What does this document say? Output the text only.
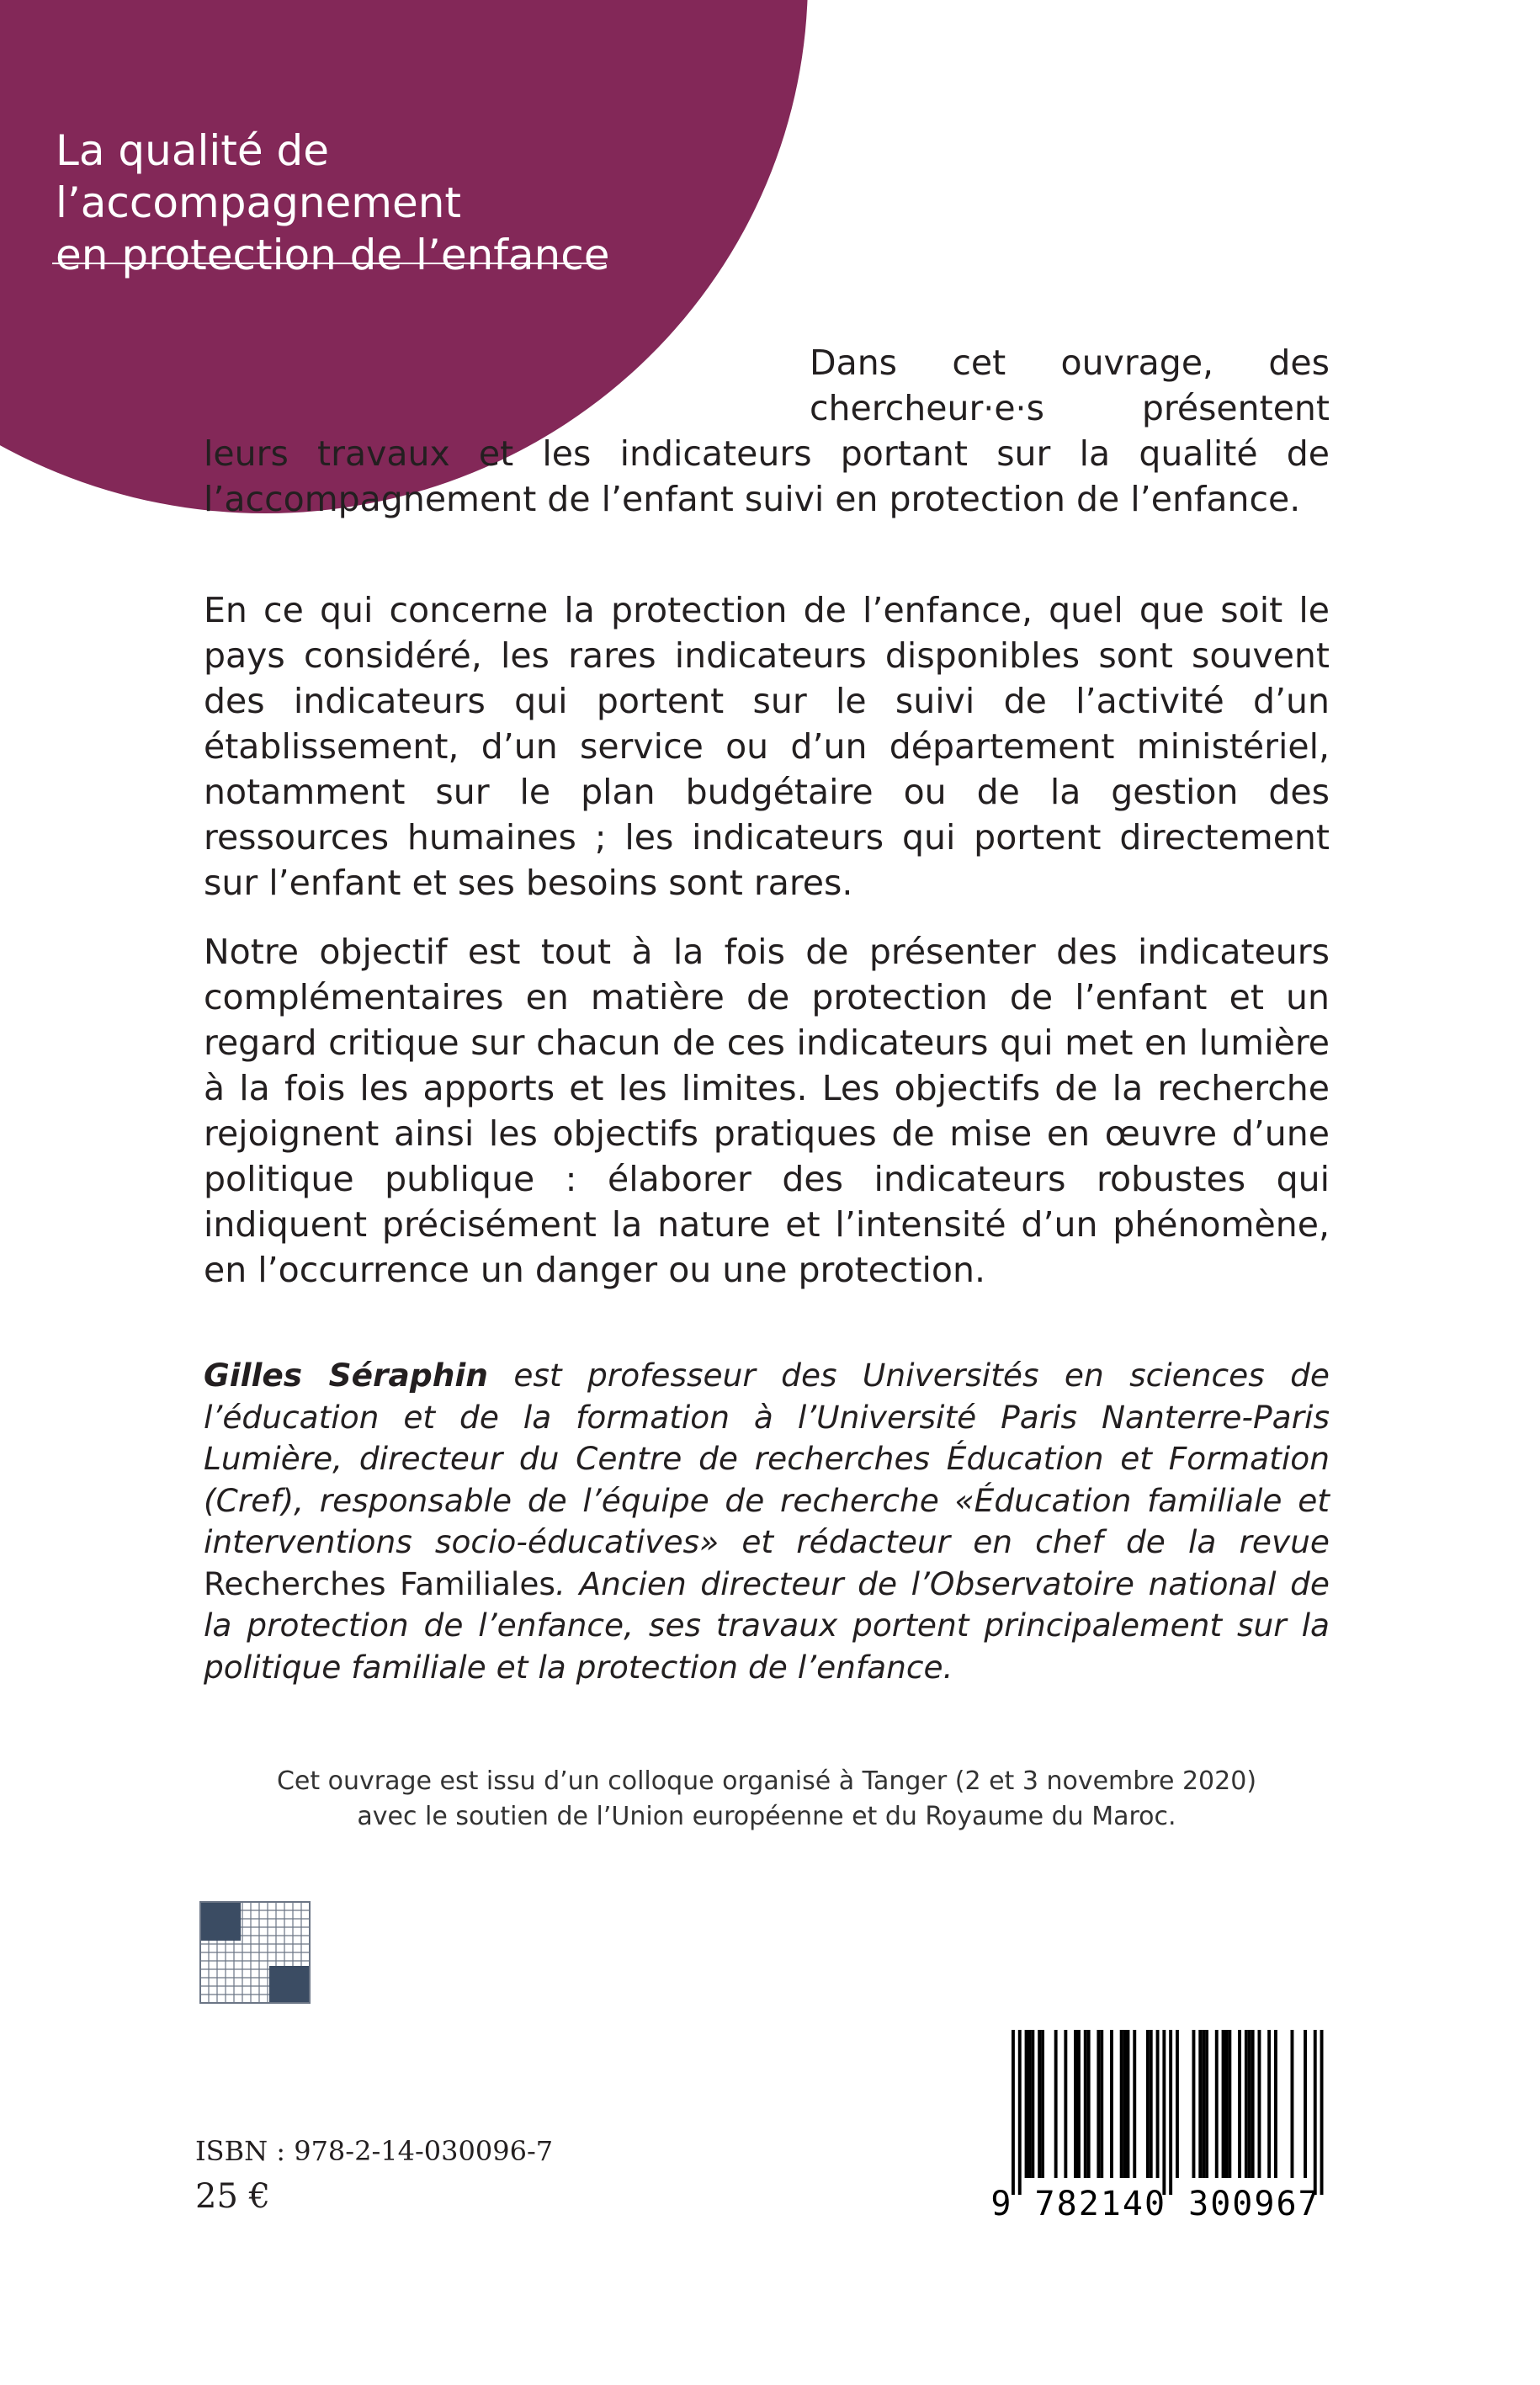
La qualité de l’accompagnement
en protection de l’enfance

Dans cet ouvrage, des chercheur·e·s présentent leurs travaux et les indicateurs portant sur la qualité de l’accompagnement de l’enfant suivi en protection de l’enfance.

En ce qui concerne la protection de l’enfance, quel que soit le pays considéré, les rares indicateurs disponibles sont souvent des indicateurs qui portent sur le suivi de l’activité d’un établissement, d’un service ou d’un département ministériel, notamment sur le plan budgétaire ou de la gestion des ressources humaines ; les indicateurs qui portent directement sur l’enfant et ses besoins sont rares.

Notre objectif est tout à la fois de présenter des indicateurs complémentaires en matière de protection de l’enfant et un regard critique sur chacun de ces indicateurs qui met en lumière à la fois les apports et les limites. Les objectifs de la recherche rejoignent ainsi les objectifs pratiques de mise en œuvre d’une politique publique : élaborer des indicateurs robustes qui indiquent précisément la nature et l’intensité d’un phénomène, en l’occurrence un danger ou une protection.

Gilles Séraphin est professeur des Universités en sciences de l’éducation et de la formation à l’Université Paris Nanterre-Paris Lumière, directeur du Centre de recherches Éducation et Formation (Cref), responsable de l’équipe de recherche «Éducation familiale et interventions socio-éducatives» et rédacteur en chef de la revue Recherches Familiales. Ancien directeur de l’Observatoire national de la protection de l’enfance, ses travaux portent principalement sur la politique familiale et la protection de l’enfance.

Cet ouvrage est issu d’un colloque organisé à Tanger (2 et 3 novembre 2020)
avec le soutien de l’Union européenne et du Royaume du Maroc.

ISBN : 978-2-14-030096-7

25 €	9 782140 300967
